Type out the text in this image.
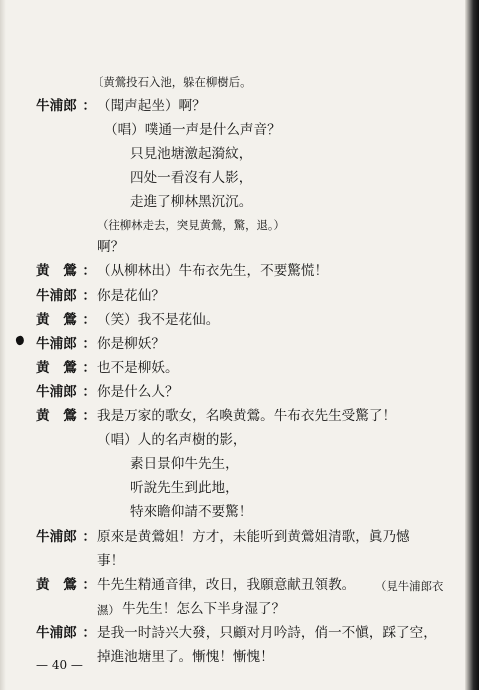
〔黄鶯投石入池，躲在柳樹后。
牛浦郎 ： （聞声起坐）啊？
（唱）噗通一声是什么声音？
只見池塘激起漪紋，
四处一看沒有人影，
走進了柳林黑沉沉。
（往柳林走去，突見黄鶯，驚，退。）
啊？
黄　鶯 ： （从柳林出）牛布衣先生，不要驚慌！
牛浦郎 ： 你是花仙？
黄　鶯 ： （笑）我不是花仙。
牛浦郎 ： 你是柳妖？
黄　鶯 ： 也不是柳妖。
牛浦郎 ： 你是什么人？
黄　鶯 ： 我是万家的歌女，名喚黄鶯。牛布衣先生受驚了！
（唱）人的名声樹的影，
素日景仰牛先生，
听說先生到此地，
特來瞻仰請不要驚！
牛浦郎 ： 原來是黄鶯姐！方才，未能听到黄鶯姐清歌，眞乃憾
事！
黄　鶯 ： 牛先生精通音律，改日，我願意献丑領教。 （見牛浦郎衣
濕） 牛先生！怎么下半身湿了？
牛浦郎 ： 是我一时詩兴大發，只顧对月吟詩，俏一不愼，踩了空，
掉進池塘里了。慚愧！慚愧！
— 40 —
